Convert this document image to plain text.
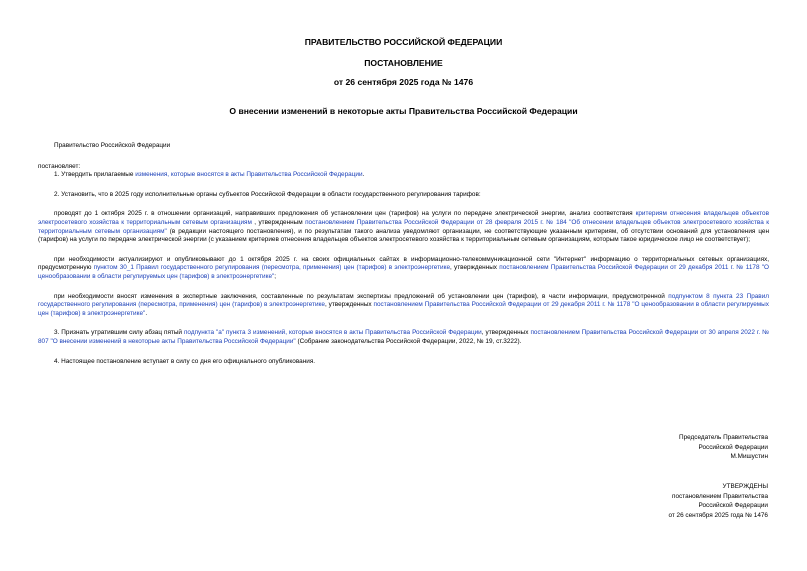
ПРАВИТЕЛЬСТВО РОССИЙСКОЙ ФЕДЕРАЦИИ
ПОСТАНОВЛЕНИЕ
от 26 сентября 2025 года № 1476
О внесении изменений в некоторые акты Правительства Российской Федерации

Правительство Российской Федерации

постановляет:

1. Утвердить прилагаемые изменения, которые вносятся в акты Правительства Российской Федерации.

2. Установить, что в 2025 году исполнительные органы субъектов Российской Федерации в области государственного регулирования тарифов:

проводят до 1 октября 2025 г. в отношении организаций, направивших предложения об установлении цен (тарифов) на услуги по передаче электрической энергии, анализ соответствия критериям отнесения владельцев объектов электросетевого хозяйства к территориальным сетевым организациям , утвержденным постановлением Правительства Российской Федерации от 28 февраля 2015 г. № 184 "Об отнесении владельцев объектов электросетевого хозяйства к территориальным сетевым организациям" (в редакции настоящего постановления), и по результатам такого анализа уведомляют организации, не соответствующие указанным критериям, об отсутствии оснований для установления цен (тарифов) на услуги по передаче электрической энергии (с указанием критериев отнесения владельцев объектов электросетевого хозяйства к территориальным сетевым организациям, которым такое юридическое лицо не соответствует);

при необходимости актуализируют и опубликовывают до 1 октября 2025 г. на своих официальных сайтах в информационно-телекоммуникационной сети "Интернет" информацию о территориальных сетевых организациях, предусмотренную пунктом 30_1 Правил государственного регулирования (пересмотра, применения) цен (тарифов) в электроэнергетике, утвержденных постановлением Правительства Российской Федерации от 29 декабря 2011 г. № 1178 "О ценообразовании в области регулируемых цен (тарифов) в электроэнергетике";

при необходимости вносят изменения в экспертные заключения, составленные по результатам экспертизы предложений об установлении цен (тарифов), в части информации, предусмотренной подпунктом 8 пункта 23 Правил государственного регулирования (пересмотра, применения) цен (тарифов) в электроэнергетике, утвержденных постановлением Правительства Российской Федерации от 29 декабря 2011 г. № 1178 "О ценообразовании в области регулируемых цен (тарифов) в электроэнергетике".

3. Признать утратившим силу абзац пятый подпункта "а" пункта 3 изменений, которые вносятся в акты Правительства Российской Федерации, утвержденных постановлением Правительства Российской Федерации от 30 апреля 2022 г. № 807 "О внесении изменений в некоторые акты Правительства Российской Федерации" (Собрание законодательства Российской Федерации, 2022, № 19, ст.3222).

4. Настоящее постановление вступает в силу со дня его официального опубликования.

Председатель Правительства
Российской Федерации
М.Мишустин
УТВЕРЖДЕНЫ
постановлением Правительства
Российской Федерации
от 26 сентября 2025 года № 1476
